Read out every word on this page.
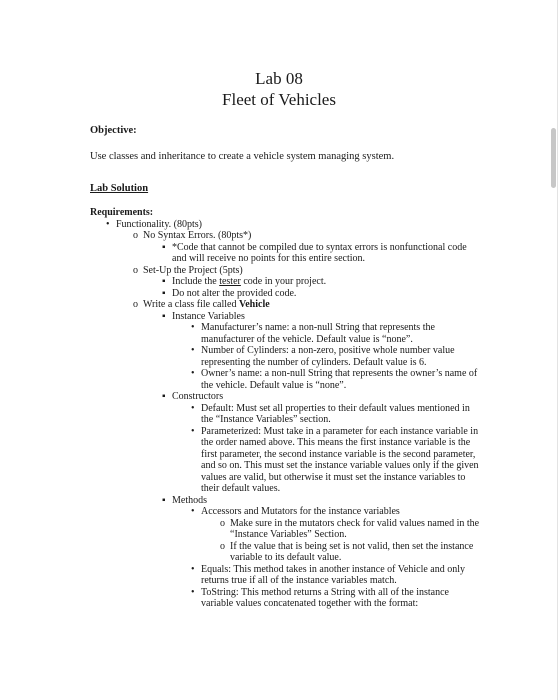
Lab 08
Fleet of Vehicles
Objective:
Use classes and inheritance to create a vehicle system managing system.
Lab Solution
Requirements:
• Functionality. (80pts)
o No Syntax Errors. (80pts*)
▪ *Code that cannot be compiled due to syntax errors is nonfunctional code and will receive no points for this entire section.
o Set-Up the Project (5pts)
▪ Include the tester code in your project.
▪ Do not alter the provided code.
o Write a class file called Vehicle
▪ Instance Variables
• Manufacturer’s name: a non-null String that represents the manufacturer of the vehicle. Default value is “none”.
• Number of Cylinders: a non-zero, positive whole number value representing the number of cylinders. Default value is 6.
• Owner’s name: a non-null String that represents the owner’s name of the vehicle. Default value is “none”.
▪ Constructors
• Default: Must set all properties to their default values mentioned in the “Instance Variables” section.
• Parameterized: Must take in a parameter for each instance variable in the order named above. This means the first instance variable is the first parameter, the second instance variable is the second parameter, and so on. This must set the instance variable values only if the given values are valid, but otherwise it must set the instance variables to their default values.
▪ Methods
• Accessors and Mutators for the instance variables
o Make sure in the mutators check for valid values named in the “Instance Variables” Section.
o If the value that is being set is not valid, then set the instance variable to its default value.
• Equals: This method takes in another instance of Vehicle and only returns true if all of the instance variables match.
• ToString: This method returns a String with all of the instance variable values concatenated together with the format:
